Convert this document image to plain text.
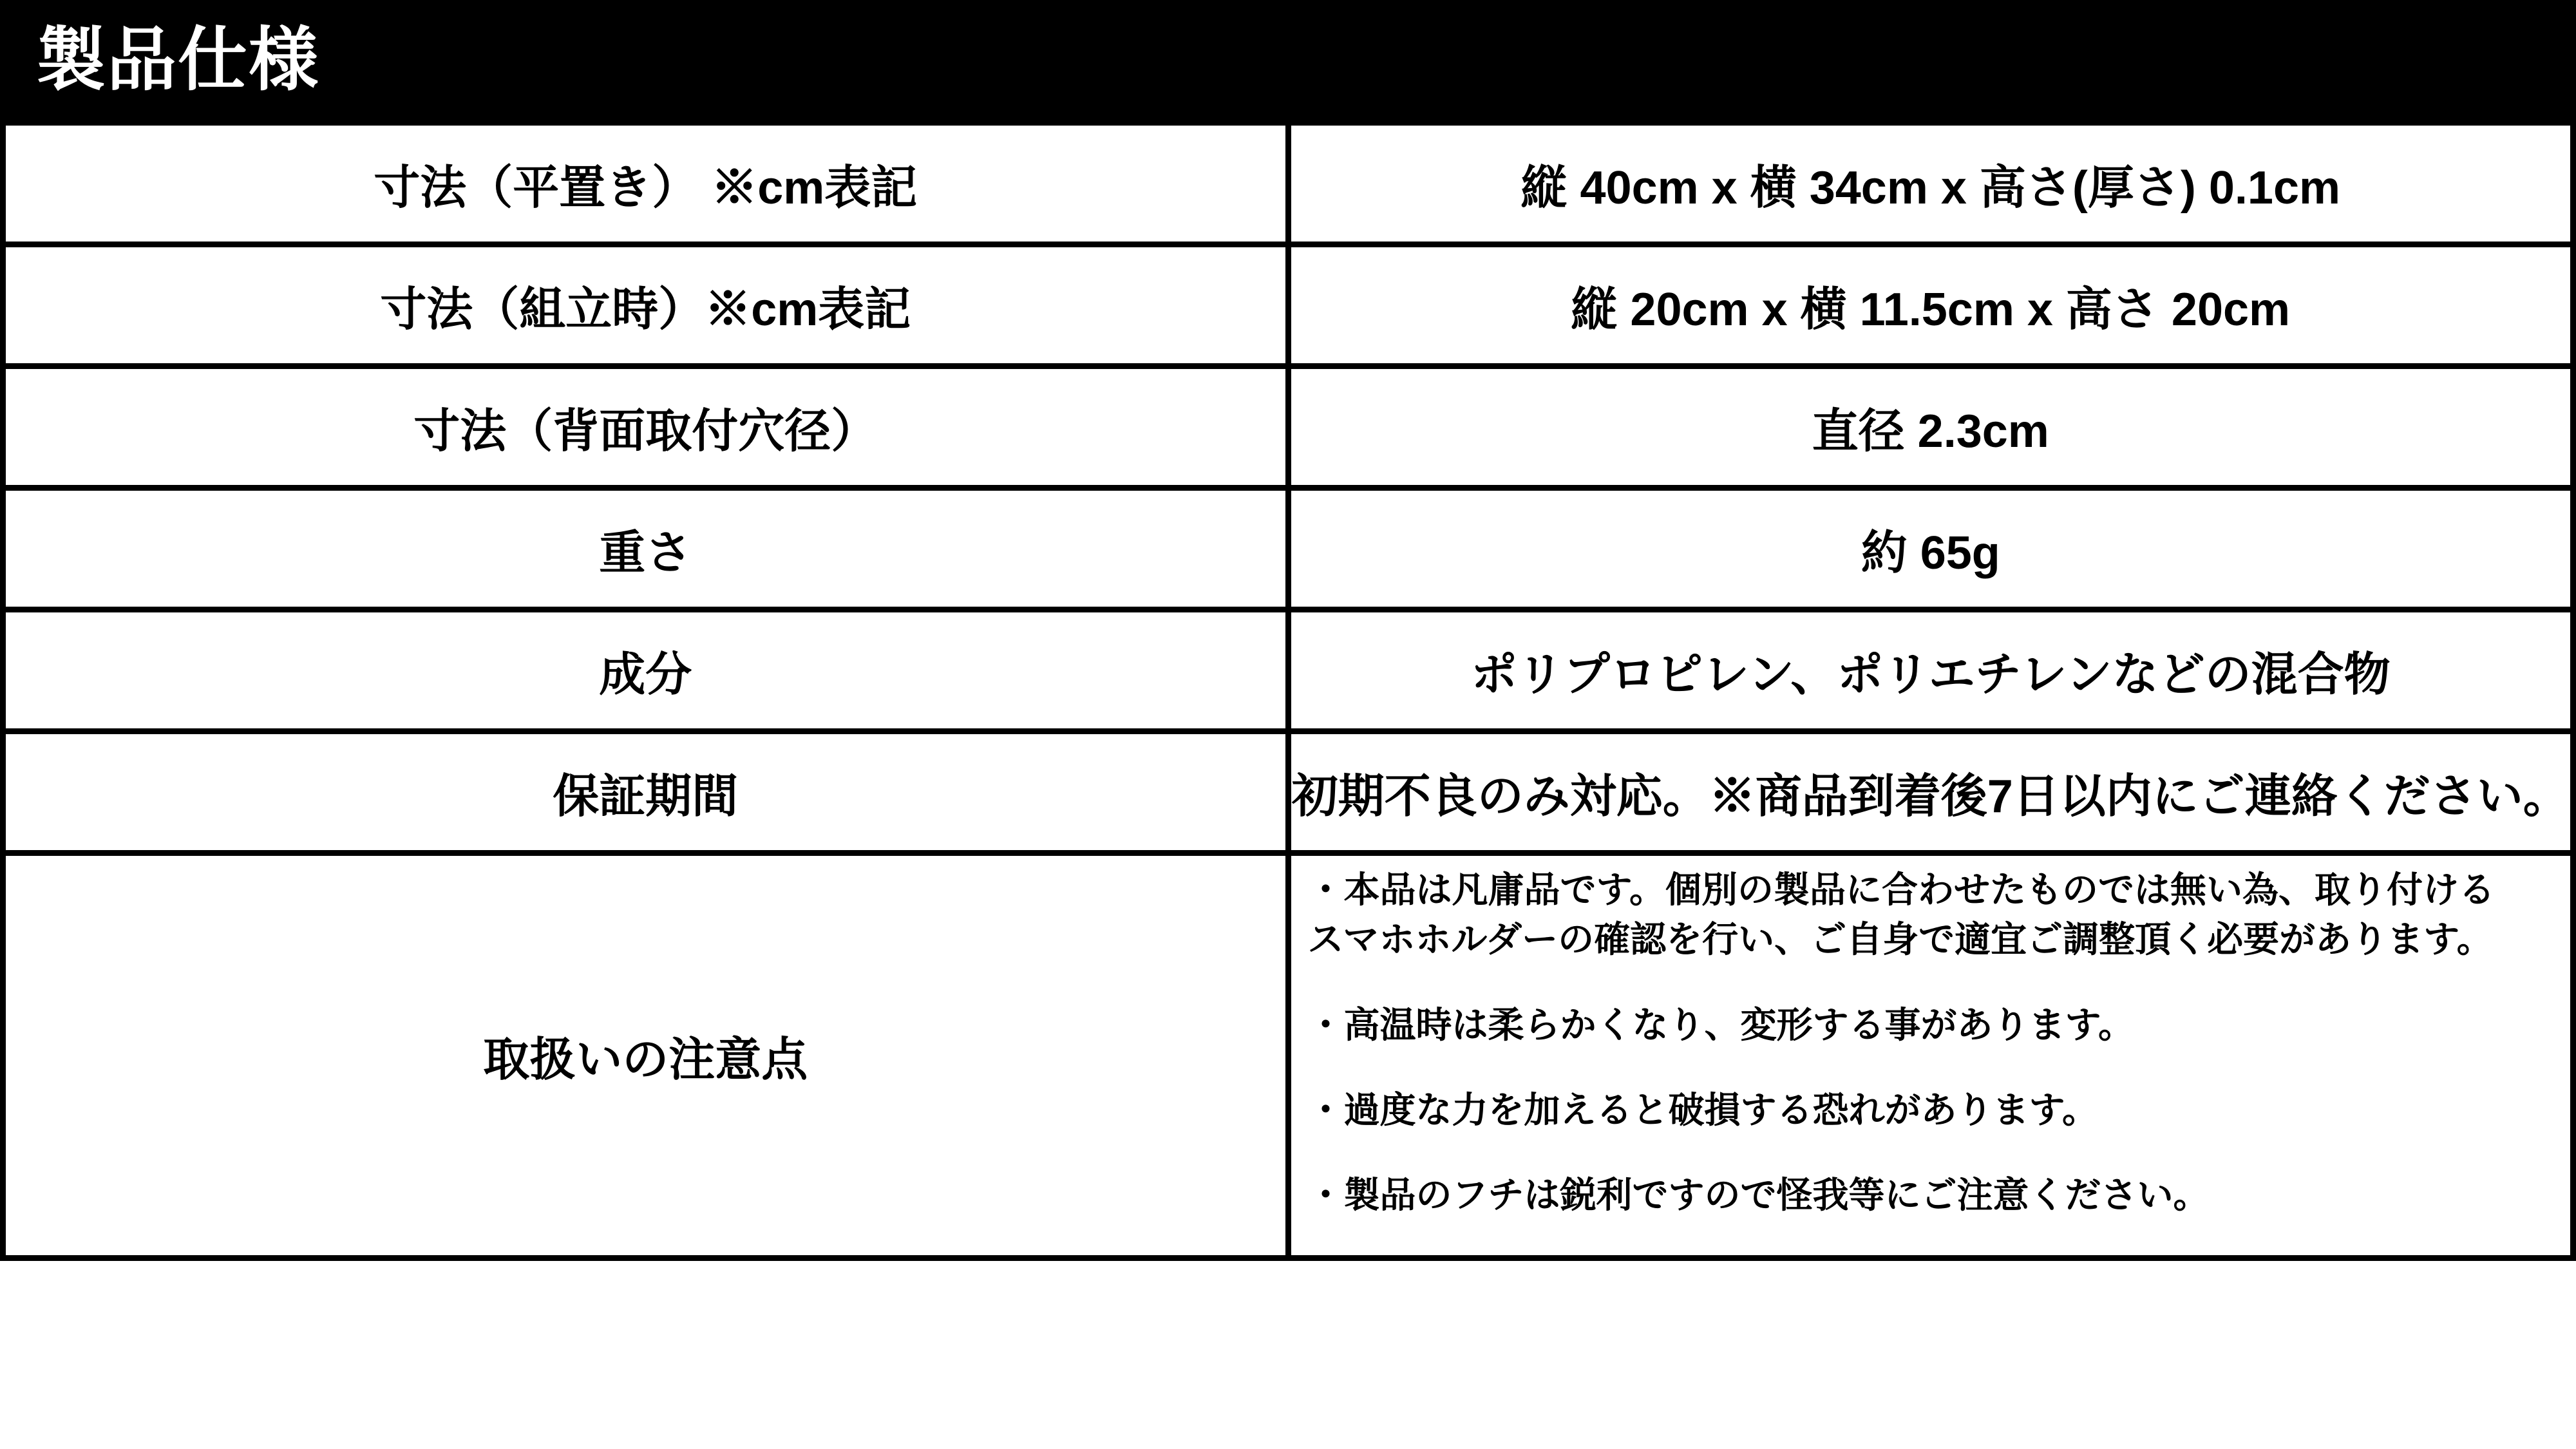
製品仕様
寸法（平置き） ※cm表記	縦 40cm x 横 34cm x 高さ(厚さ) 0.1cm
寸法（組立時）※cm表記	縦 20cm x 横 11.5cm x 高さ 20cm
寸法（背面取付穴径）	直径 2.3cm
重さ	約 65g
成分	ポリプロピレン、ポリエチレンなどの混合物
保証期間	初期不良のみ対応。※商品到着後7日以内にご連絡ください。
取扱いの注意点	・本品は凡庸品です。個別の製品に合わせたものでは無い為、取り付けるスマホホルダーの確認を行い、ご自身で適宜ご調整頂く必要があります。

・高温時は柔らかくなり、変形する事があります。

・過度な力を加えると破損する恐れがあります。

・製品のフチは鋭利ですので怪我等にご注意ください。
